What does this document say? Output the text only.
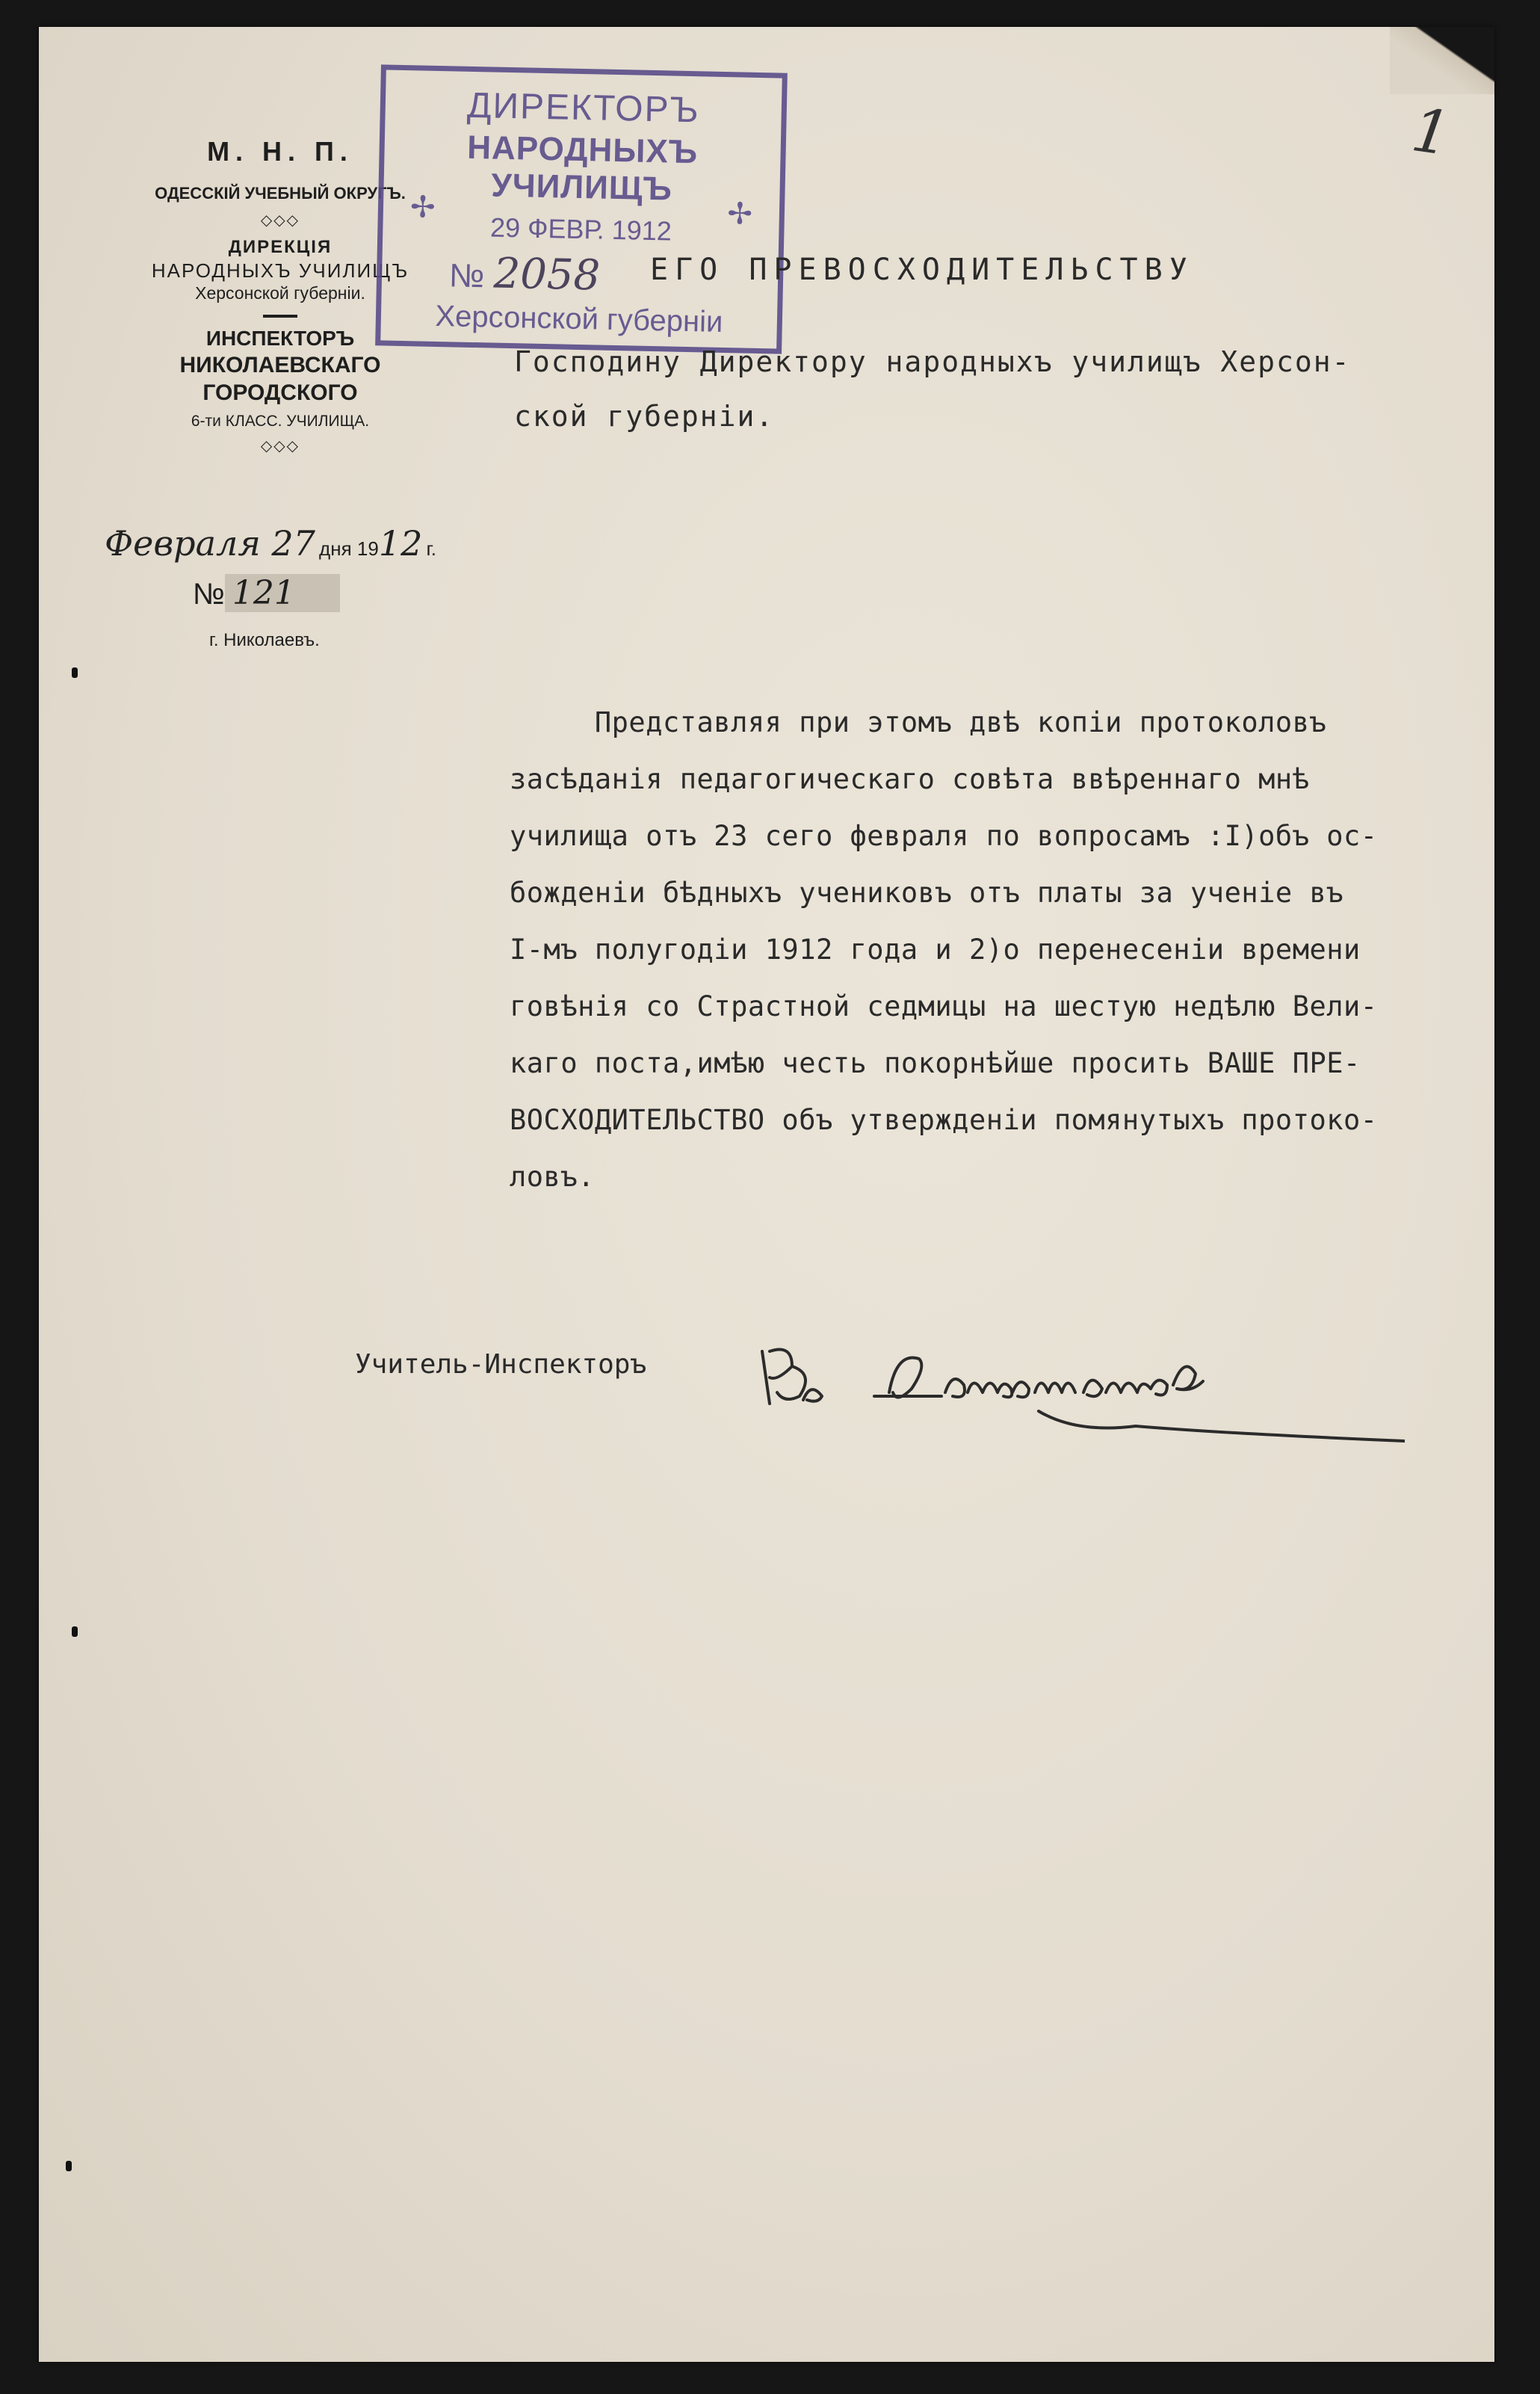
1
М. Н. П.
ОДЕССКІЙ УЧЕБНЫЙ ОКРУГЪ.
◇◇◇
ДИРЕКЦІЯ
НАРОДНЫХЪ УЧИЛИЩЪ
Херсонской губерніи.
ИНСПЕКТОРЪ
НИКОЛАЕВСКАГО ГОРОДСКОГО
6-ти КЛАСС. УЧИЛИЩА.
◇◇◇
Февраля 27 дня 1912 г.
№ 121
г. Николаевъ.
ДИРЕКТОРЪ
НАРОДНЫХЪ УЧИЛИЩЪ
29 ФЕВР. 1912
✢	✢
№ 2058
Херсонской губерніи
ЕГО ПРЕВОСХОДИТЕЛЬСТВУ
Господину Директору народныхъ училищъ Херсон-
ской губерніи.
Представляя при этомъ двѣ копіи протоколовъ
засѣданія педагогическаго совѣта ввѣреннаго мнѣ
училища отъ 23 сего февраля по вопросамъ :I)объ ос-
божденіи бѣдныхъ учениковъ отъ платы за ученіе въ
І-мъ полугодіи 1912 года и 2)о перенесеніи времени
говѣнія со Страстной седмицы на шестую недѣлю Вели-
каго поста,имѣю честь покорнѣйше просить ВАШЕ ПРЕ-
ВОСХОДИТЕЛЬСТВО объ утвержденіи помянутыхъ протоко-
ловъ.
Учитель-Инспекторъ
